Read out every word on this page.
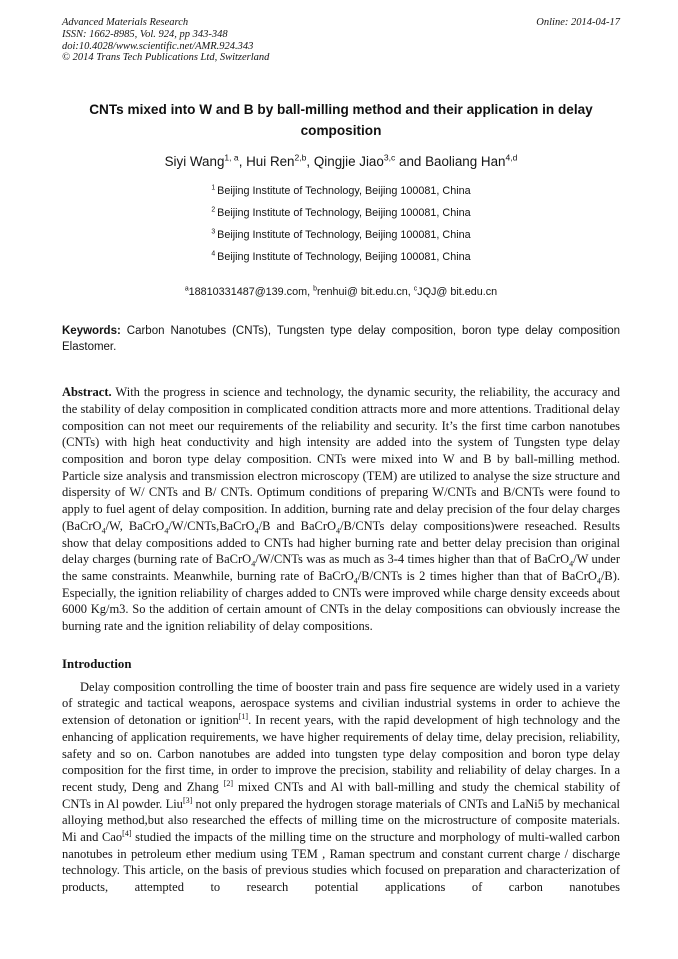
Advanced Materials Research
ISSN: 1662-8985, Vol. 924, pp 343-348
doi:10.4028/www.scientific.net/AMR.924.343
© 2014 Trans Tech Publications Ltd, Switzerland
Online: 2014-04-17
CNTs mixed into W and B by ball-milling method and their application in delay composition
Siyi Wang$^{1, a}$, Hui Ren$^{2,b}$, Qingjie Jiao$^{3,c}$ and Baoliang Han$^{4,d}$
$^1$ Beijing Institute of Technology, Beijing 100081, China
$^2$ Beijing Institute of Technology, Beijing 100081, China
$^3$ Beijing Institute of Technology, Beijing 100081, China
$^4$ Beijing Institute of Technology, Beijing 100081, China
$^a$18810331487@139.com, $^b$renhui@ bit.edu.cn, $^c$JQJ@ bit.edu.cn

Keywords: Carbon Nanotubes (CNTs), Tungsten type delay composition, boron type delay composition Elastomer.

Abstract. With the progress in science and technology, the dynamic security, the reliability, the accuracy and the stability of delay composition in complicated condition attracts more and more attentions. Traditional delay composition can not meet our requirements of the reliability and security. It’s the first time carbon nanotubes (CNTs) with high heat conductivity and high intensity are added into the system of Tungsten type delay composition and boron type delay composition. CNTs were mixed into W and B by ball-milling method. Particle size analysis and transmission electron microscopy (TEM) are utilized to analyse the size structure and dispersity of W/ CNTs and B/ CNTs. Optimum conditions of preparing W/CNTs and B/CNTs were found to apply to fuel agent of delay composition. In addition, burning rate and delay precision of the four delay charges (BaCrO$_4$/W, BaCrO$_4$/W/CNTs,BaCrO$_4$/B and BaCrO$_4$/B/CNTs delay compositions)were reseached. Results show that delay compositions added to CNTs had higher burning rate and better delay precision than original delay charges (burning rate of BaCrO$_4$/W/CNTs was as much as 3-4 times higher than that of BaCrO$_4$/W under the same constraints. Meanwhile, burning rate of BaCrO$_4$/B/CNTs is 2 times higher than that of BaCrO$_4$/B). Especially, the ignition reliability of charges added to CNTs were improved while charge density exceeds about 6000 Kg/m3. So the addition of certain amount of CNTs in the delay compositions can obviously increase the burning rate and the ignition reliability of delay compositions.

Introduction

Delay composition controlling the time of booster train and pass fire sequence are widely used in a variety of strategic and tactical weapons, aerospace systems and civilian industrial systems in order to achieve the extension of detonation or ignition[1]. In recent years, with the rapid development of high technology and the enhancing of application requirements, we have higher requirements of delay time, delay precision, reliability, safety and so on. Carbon nanotubes are added into tungsten type delay composition and boron type delay composition for the first time, in order to improve the precision, stability and reliability of delay charges. In a recent study, Deng and Zhang [2] mixed CNTs and Al with ball-milling and study the chemical stability of CNTs in Al powder. Liu[3] not only prepared the hydrogen storage materials of CNTs and LaNi5 by mechanical alloying method,but also researched the effects of milling time on the microstructure of composite materials. Mi and Cao[4] studied the impacts of the milling time on the structure and morphology of multi-walled carbon nanotubes in petroleum ether medium using TEM , Raman spectrum and constant current charge / discharge technology. This article, on the basis of previous studies which focused on preparation and characterization of products, attempted to research potential applications of carbon nanotubes
